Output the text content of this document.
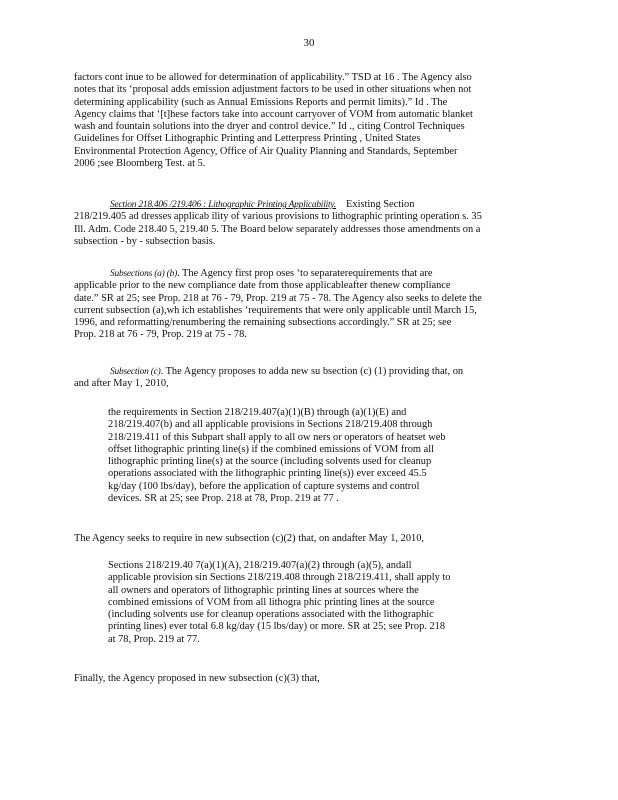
30

factors cont inue to be allowed for determination of applicability.” TSD at 16 . The Agency also
notes that its ‘proposal adds emission adjustment factors to be used in other situations when not
determining applicability (such as Annual Emissions Reports and permit limits).” Id . The
Agency claims that ‘[t]hese factors take into account carryover of VOM from automatic blanket
wash and fountain solutions into the dryer and control device.” Id ., citing Control Techniques
Guidelines for Offset Lithographic Printing and Letterpress Printing , United States
Environmental Protection Agency, Office of Air Quality Planning and Standards, September
2006 ;see Bloomberg Test. at 5.

Section 218.406 /219.406 : Lithographic Printing Applicability. Existing Section
218/219.405 ad dresses applicab ility of various provisions to lithographic printing operation s. 35
Ill. Adm. Code 218.40 5, 219.40 5. The Board below separately addresses those amendments on a
subsection - by - subsection basis.

Subsections (a) (b). The Agency first prop oses ‘to separaterequirements that are
applicable prior to the new compliance date from those applicableafter thenew compliance
date.” SR at 25; see Prop. 218 at 76 - 79, Prop. 219 at 75 - 78. The Agency also seeks to delete the
current subsection (a),wh ich establishes ‘requirements that were only applicable until March 15,
1996, and reformatting/renumbering the remaining subsections accordingly.” SR at 25; see
Prop. 218 at 76 - 79, Prop. 219 at 75 - 78.

Subsection (c). The Agency proposes to adda new su bsection (c) (1) providing that, on
and after May 1, 2010,

the requirements in Section 218/219.407(a)(1)(B) through (a)(1)(E) and
218/219.407(b) and all applicable provisions in Sections 218/219.408 through
218/219.411 of this Subpart shall apply to all ow ners or operators of heatset web
offset lithographic printing line(s) if the combined emissions of VOM from all
lithographic printing line(s) at the source (including solvents used for cleanup
operations associated with the lithographic printing line(s)) ever exceed 45.5
kg/day (100 lbs/day), before the application of capture systems and control
devices. SR at 25; see Prop. 218 at 78, Prop. 219 at 77 .

The Agency seeks to require in new subsection (c)(2) that, on andafter May 1, 2010,

Sections 218/219.40 7(a)(1)(A), 218/219.407(a)(2) through (a)(5), andall
applicable provision sin Sections 218/219.408 through 218/219.411, shall apply to
all owners and operators of lithographic printing lines at sources where the
combined emissions of VOM from all lithogra phic printing lines at the source
(including solvents use for cleanup operations associated with the lithographic
printing lines) ever total 6.8 kg/day (15 lbs/day) or more. SR at 25; see Prop. 218
at 78, Prop. 219 at 77.

Finally, the Agency proposed in new subsection (c)(3) that,
